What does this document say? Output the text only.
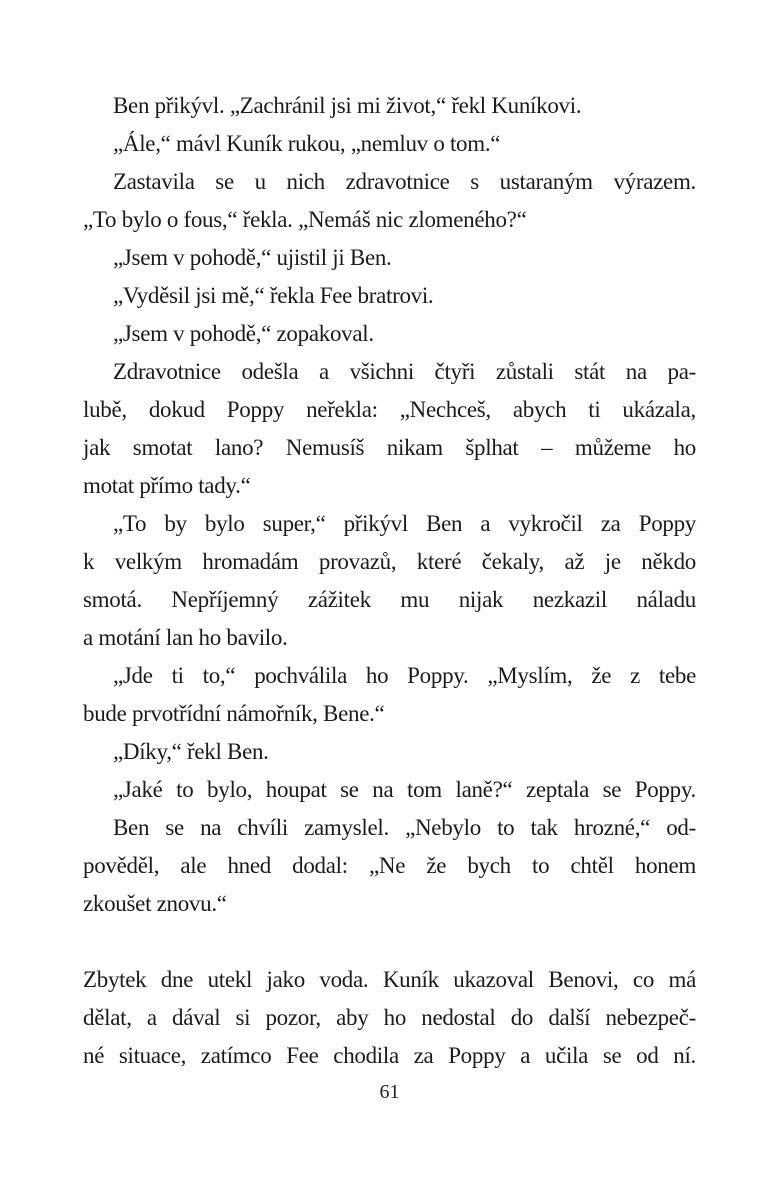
Ben přikývl. „Zachránil jsi mi život,“ řekl Kuníkovi.

„Ále,“ mávl Kuník rukou, „nemluv o tom.“

Zastavila se u nich zdravotnice s ustaraným výrazem.
„To bylo o fous,“ řekla. „Nemáš nic zlomeného?“

„Jsem v pohodě,“ ujistil ji Ben.

„Vyděsil jsi mě,“ řekla Fee bratrovi.

„Jsem v pohodě,“ zopakoval.

Zdravotnice odešla a všichni čtyři zůstali stát na pa-
lubě, dokud Poppy neřekla: „Nechceš, abych ti ukázala,
jak smotat lano? Nemusíš nikam šplhat – můžeme ho
motat přímo tady.“

„To by bylo super,“ přikývl Ben a vykročil za Poppy
k velkým hromadám provazů, které čekaly, až je někdo
smotá. Nepříjemný zážitek mu nijak nezkazil náladu
a motání lan ho bavilo.

„Jde ti to,“ pochválila ho Poppy. „Myslím, že z tebe
bude prvotřídní námořník, Bene.“

„Díky,“ řekl Ben.

„Jaké to bylo, houpat se na tom laně?“ zeptala se Poppy.

Ben se na chvíli zamyslel. „Nebylo to tak hrozné,“ od-
pověděl, ale hned dodal: „Ne že bych to chtěl honem
zkoušet znovu.“

Zbytek dne utekl jako voda. Kuník ukazoval Benovi, co má
dělat, a dával si pozor, aby ho nedostal do další nebezpeč-
né situace, zatímco Fee chodila za Poppy a učila se od ní.

61
